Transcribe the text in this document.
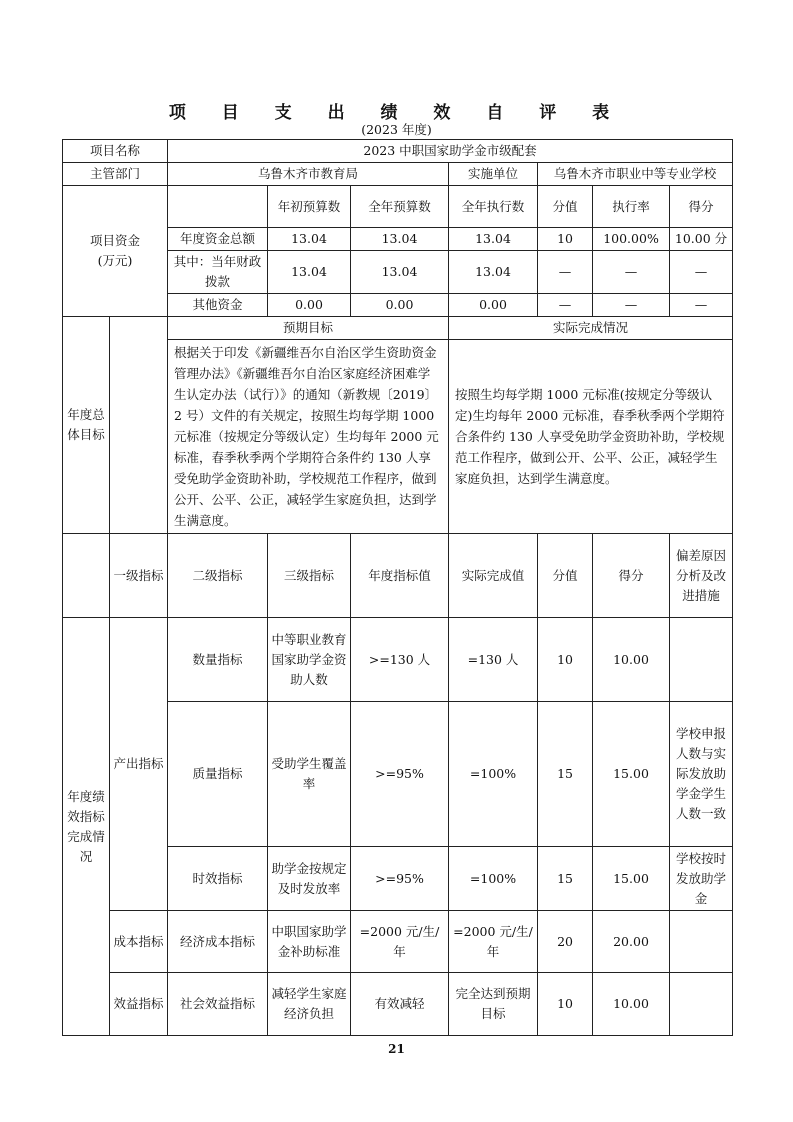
项 目 支 出 绩 效 自 评 表
(2023 年度)
项目名称		2023 中职国家助学金市级配套						
主管部门		乌鲁木齐市教育局			实施单位	乌鲁木齐市职业中等专业学校		

项目资金
(万元)			年初预算数	全年预算数	全年执行数	分值	执行率	得分
		年度资金总额	13.04	13.04	13.04	10	100.00%	10.00 分
		其中：当年财政拨款	13.04	13.04	13.04	—	—	—
		其他资金	0.00	0.00	0.00	—	—	—
年度总体目标		预期目标			实际完成情况			
		根据关于印发《新疆维吾尔自治区学生资助资金管理办法》《新疆维吾尔自治区家庭经济困难学生认定办法（试行）》的通知（新教规〔2019〕2 号）文件的有关规定，按照生均每学期 1000 元标准（按规定分等级认定）生均每年 2000 元标准，春季秋季两个学期符合条件约 130 人享受免助学金资助补助，学校规范工作程序，做到公开、公平、公正，减轻学生家庭负担，达到学生满意度。			按照生均每学期 1000 元标准(按规定分等级认定)生均每年 2000 元标准，春季秋季两个学期符合条件约 130 人享受免助学金资助补助，学校规范工作程序，做到公开、公平、公正，减轻学生家庭负担，达到学生满意度。			
	一级指标	二级指标	三级指标	年度指标值	实际完成值	分值	得分	偏差原因分析及改进措施
年度绩效指标完成情况	产出指标	数量指标	中等职业教育国家助学金资助人数	>=130 人	=130 人	10	10.00	
		质量指标	受助学生覆盖率	>=95%	=100%	15	15.00	学校申报人数与实际发放助学金学生人数一致
		时效指标	助学金按规定及时发放率	>=95%	=100%	15	15.00	学校按时发放助学金
	成本指标	经济成本指标	中职国家助学金补助标准	=2000 元/生/年	=2000 元/生/年	20	20.00	
	效益指标	社会效益指标	减轻学生家庭经济负担	有效减轻	完全达到预期目标	10	10.00	
21
